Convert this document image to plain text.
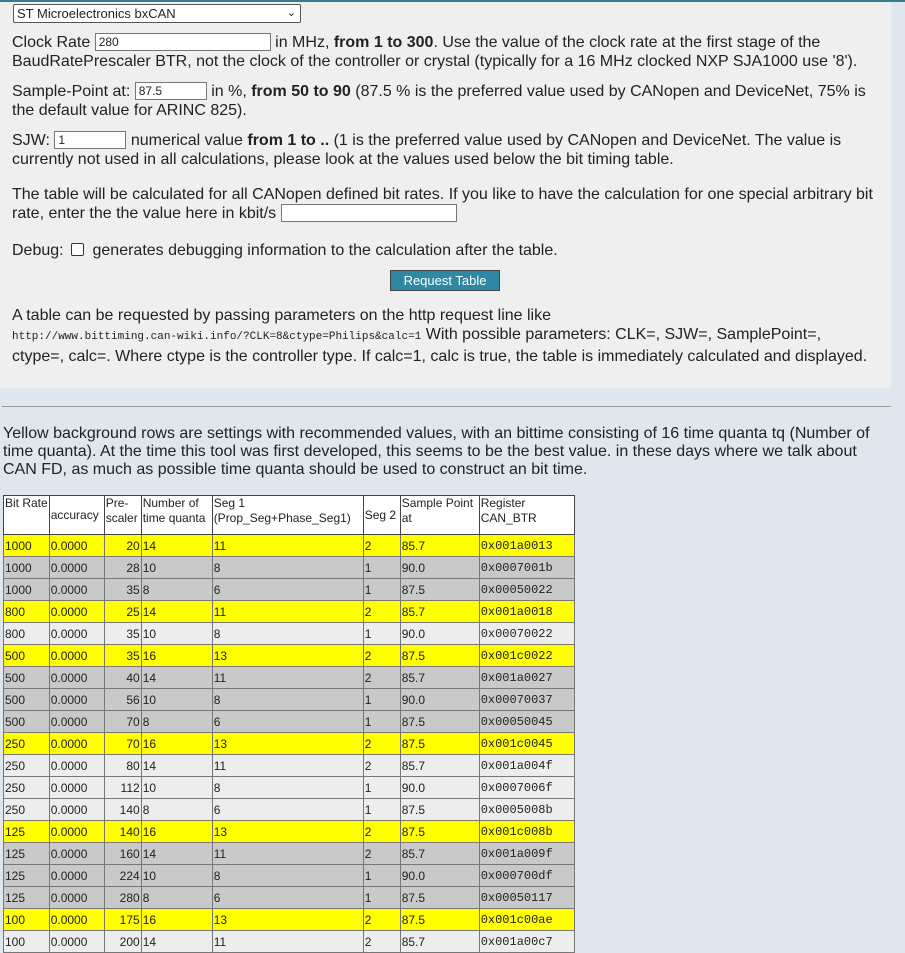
ST Microelectronics bxCAN	⌄
Clock Rate 280	in MHz, from 1 to 300. Use the value of the clock rate at the first stage of the BaudRatePrescaler BTR, not the clock of the controller or crystal (typically for a 16 MHz clocked NXP SJA1000 use '8').
Sample-Point at: 87.5	in %, from 50 to 90 (87.5 % is the preferred value used by CANopen and DeviceNet, 75% is the default value for ARINC 825).
SJW: 1	numerical value from 1 to .. (1 is the preferred value used by CANopen and DeviceNet. The value is currently not used in all calculations, please look at the values used below the bit timing table.
The table will be calculated for all CANopen defined bit rates. If you like to have the calculation for one special arbitrary bit rate, enter the the value here in kbit/s
Debug: generates debugging information to the calculation after the table.
Request Table
A table can be requested by passing parameters on the http request line like
http://www.bittiming.can-wiki.info/?CLK=8&ctype=Philips&calc=1 With possible parameters: CLK=, SJW=, SamplePoint=, ctype=, calc=. Where ctype is the controller type. If calc=1, calc is true, the table is immediately calculated and displayed.
Yellow background rows are settings with recommended values, with an bittime consisting of 16 time quanta tq (Number of time quanta). At the time this tool was first developed, this seems to be the best value. in these days where we talk about CAN FD, as much as possible time quanta should be used to construct an bit time.
Bit Rate	accuracy	Pre-scaler	Number of time quanta	Seg 1 (Prop_Seg+Phase_Seg1)	Seg 2	Sample Point at	Register CAN_BTR
1000	0.0000	20	14	11	2	85.7	0x001a0013
1000	0.0000	28	10	8	1	90.0	0x0007001b
1000	0.0000	35	8	6	1	87.5	0x00050022
800	0.0000	25	14	11	2	85.7	0x001a0018
800	0.0000	35	10	8	1	90.0	0x00070022
500	0.0000	35	16	13	2	87.5	0x001c0022
500	0.0000	40	14	11	2	85.7	0x001a0027
500	0.0000	56	10	8	1	90.0	0x00070037
500	0.0000	70	8	6	1	87.5	0x00050045
250	0.0000	70	16	13	2	87.5	0x001c0045
250	0.0000	80	14	11	2	85.7	0x001a004f
250	0.0000	112	10	8	1	90.0	0x0007006f
250	0.0000	140	8	6	1	87.5	0x0005008b
125	0.0000	140	16	13	2	87.5	0x001c008b
125	0.0000	160	14	11	2	85.7	0x001a009f
125	0.0000	224	10	8	1	90.0	0x000700df
125	0.0000	280	8	6	1	87.5	0x00050117
100	0.0000	175	16	13	2	87.5	0x001c00ae
100	0.0000	200	14	11	2	85.7	0x001a00c7
